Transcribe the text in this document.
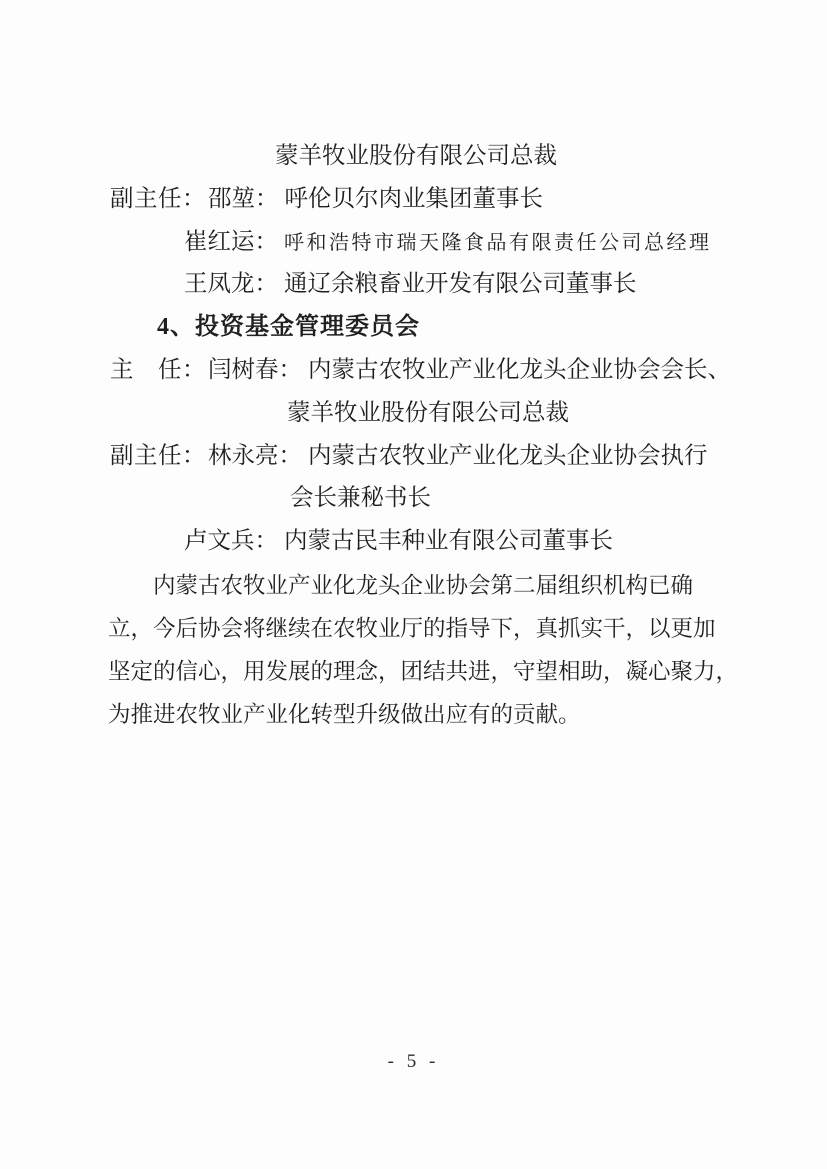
蒙羊牧业股份有限公司总裁
副主任：邵堃： 呼伦贝尔肉业集团董事长
崔红运： 呼和浩特市瑞天隆食品有限责任公司总经理
王凤龙： 通辽余粮畜业开发有限公司董事长
4、投资基金管理委员会
主　任：闫树春： 内蒙古农牧业产业化龙头企业协会会长、
蒙羊牧业股份有限公司总裁
副主任：林永亮： 内蒙古农牧业产业化龙头企业协会执行
会长兼秘书长
卢文兵： 内蒙古民丰种业有限公司董事长
内蒙古农牧业产业化龙头企业协会第二届组织机构已确
立，今后协会将继续在农牧业厅的指导下，真抓实干，以更加
坚定的信心，用发展的理念，团结共进，守望相助，凝心聚力，
为推进农牧业产业化转型升级做出应有的贡献。
- 5 -
